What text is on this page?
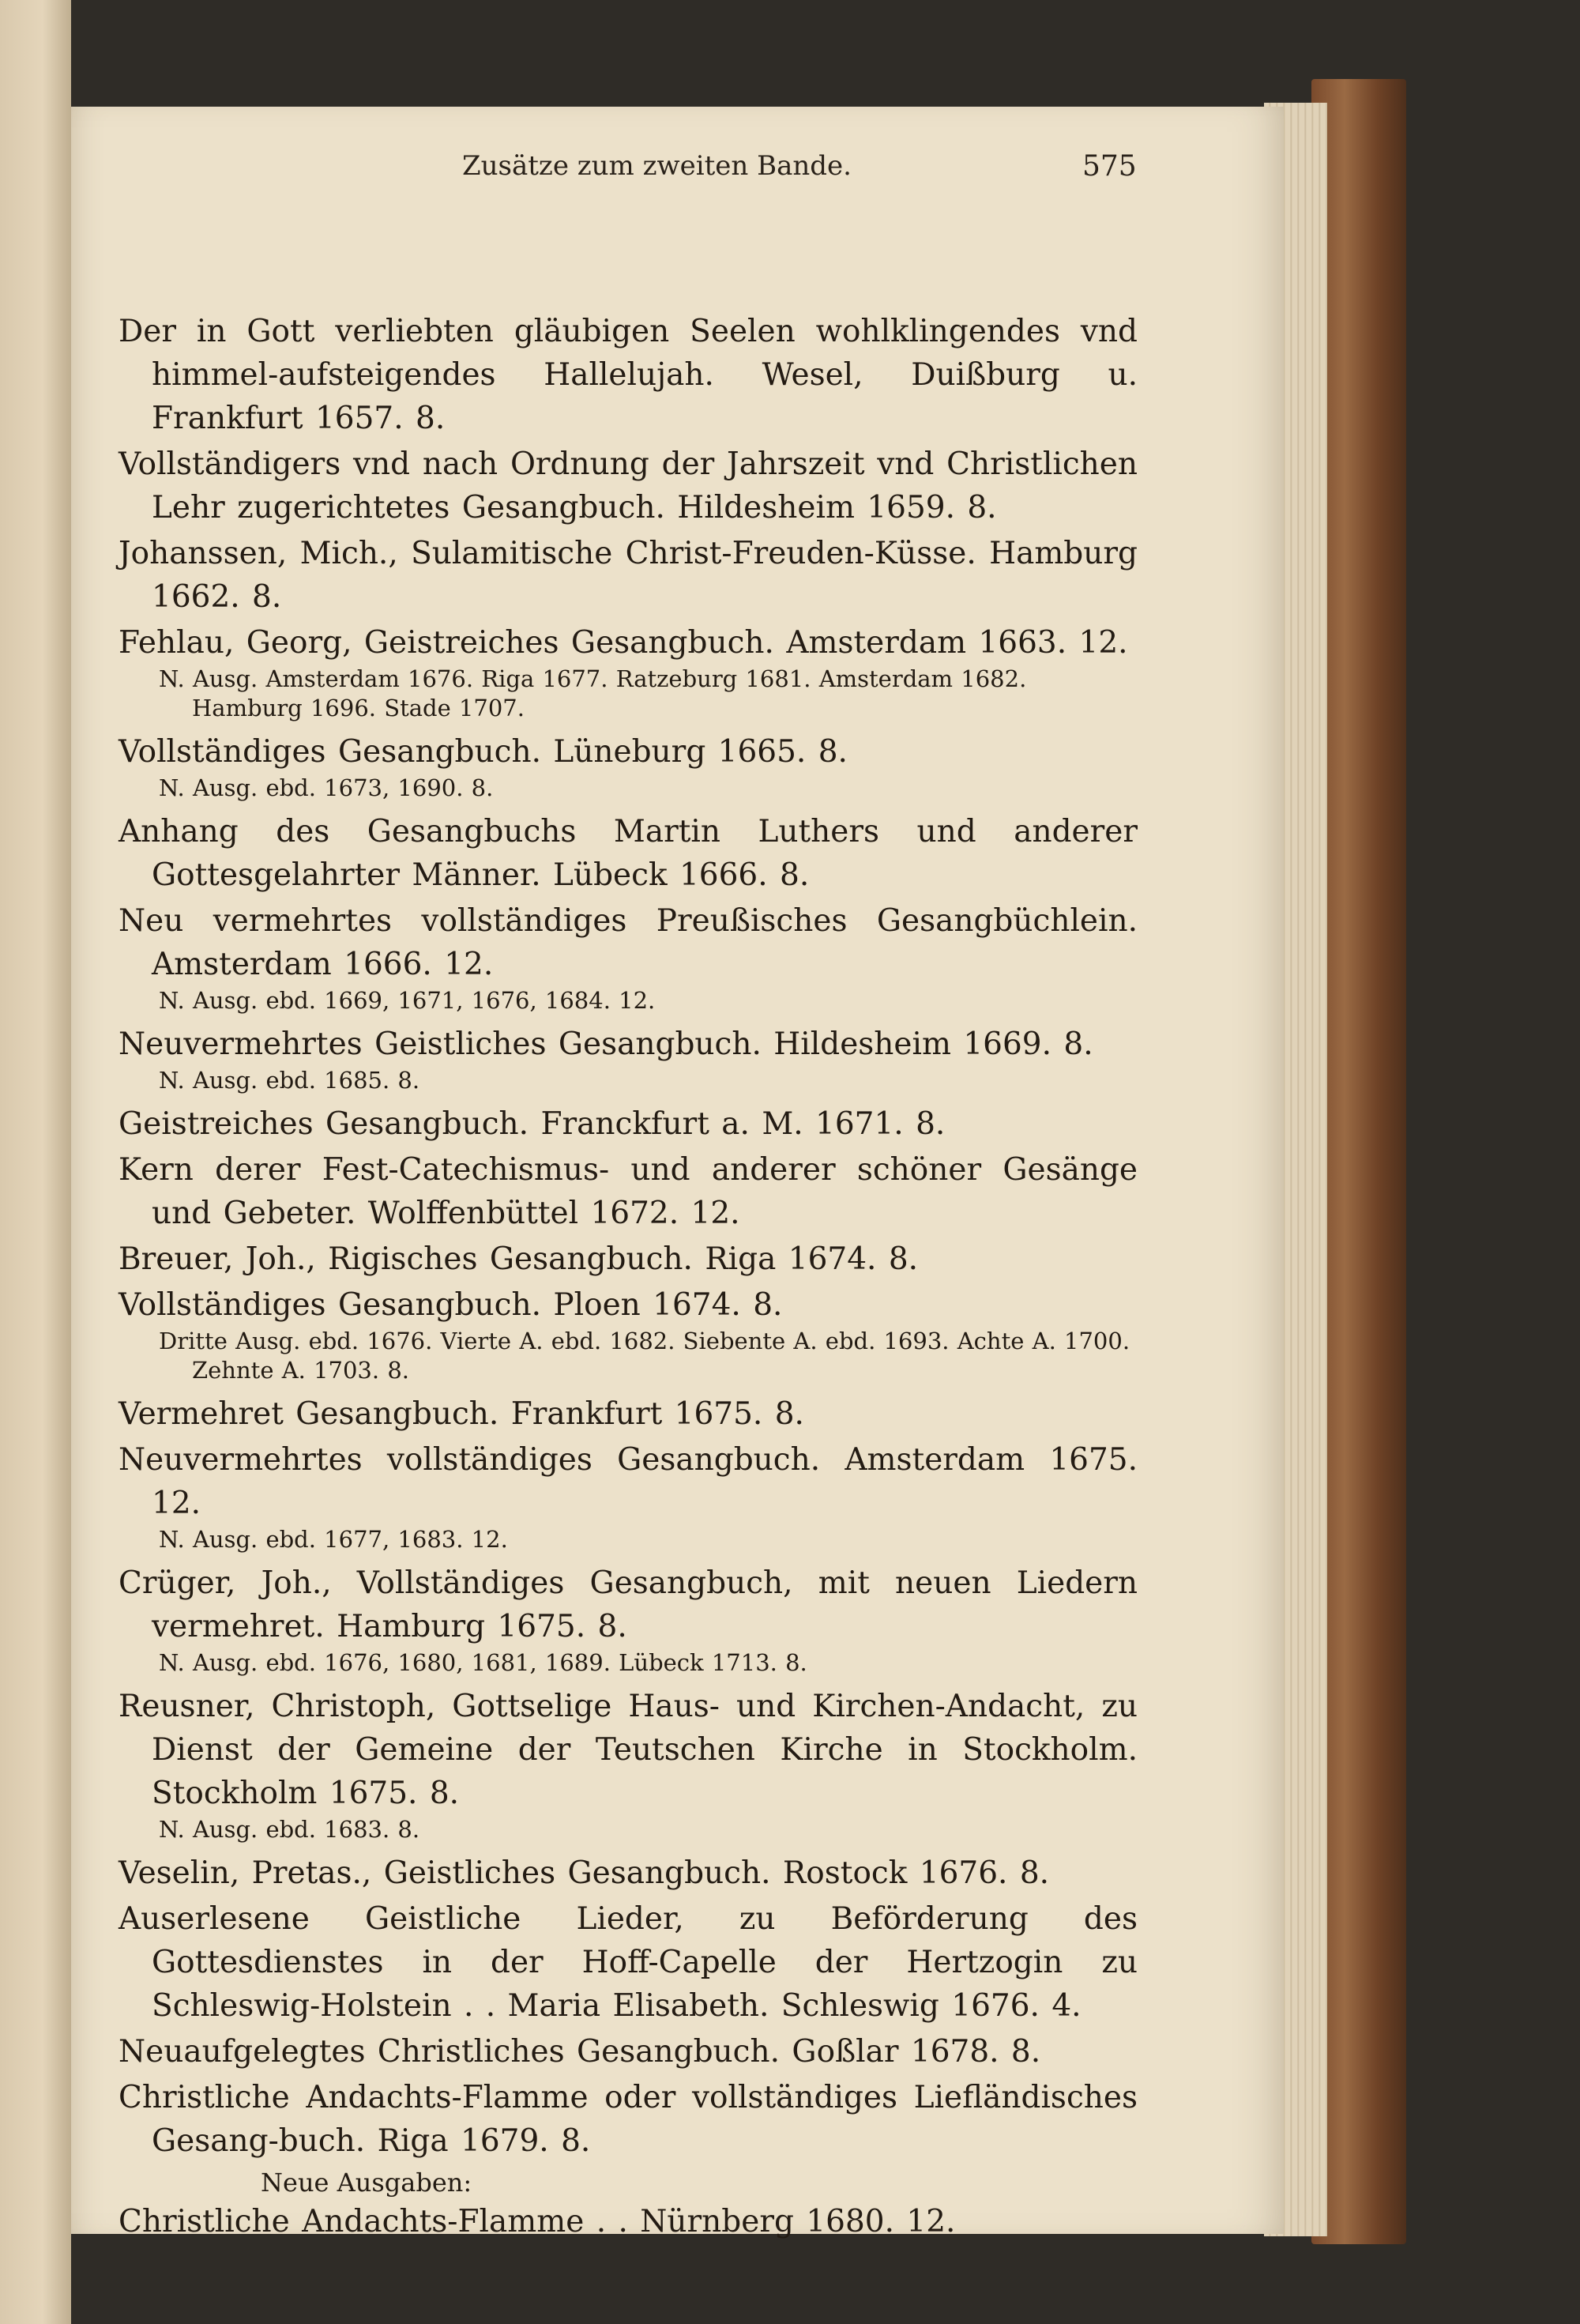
Zusätze zum zweiten Bande.	575

Der in Gott verliebten gläubigen Seelen wohlklingendes vnd himmel-aufsteigendes Hallelujah. Wesel, Duißburg u. Frankfurt 1657. 8.

Vollständigers vnd nach Ordnung der Jahrszeit vnd Christlichen Lehr zugerichtetes Gesangbuch. Hildesheim 1659. 8.

Johanssen, Mich., Sulamitische Christ-Freuden-Küsse. Hamburg 1662. 8.

Fehlau, Georg, Geistreiches Gesangbuch. Amsterdam 1663. 12.

N. Ausg. Amsterdam 1676. Riga 1677. Ratzeburg 1681. Amsterdam 1682. Hamburg 1696. Stade 1707.

Vollständiges Gesangbuch. Lüneburg 1665. 8.

N. Ausg. ebd. 1673, 1690. 8.

Anhang des Gesangbuchs Martin Luthers und anderer Gottesgelahrter Männer. Lübeck 1666. 8.

Neu vermehrtes vollständiges Preußisches Gesangbüchlein. Amsterdam 1666. 12.

N. Ausg. ebd. 1669, 1671, 1676, 1684. 12.

Neuvermehrtes Geistliches Gesangbuch. Hildesheim 1669. 8.

N. Ausg. ebd. 1685. 8.

Geistreiches Gesangbuch. Franckfurt a. M. 1671. 8.

Kern derer Fest-Catechismus- und anderer schöner Gesänge und Gebeter. Wolffenbüttel 1672. 12.

Breuer, Joh., Rigisches Gesangbuch. Riga 1674. 8.

Vollständiges Gesangbuch. Ploen 1674. 8.

Dritte Ausg. ebd. 1676. Vierte A. ebd. 1682. Siebente A. ebd. 1693. Achte A. 1700. Zehnte A. 1703. 8.

Vermehret Gesangbuch. Frankfurt 1675. 8.

Neuvermehrtes vollständiges Gesangbuch. Amsterdam 1675. 12.

N. Ausg. ebd. 1677, 1683. 12.

Crüger, Joh., Vollständiges Gesangbuch, mit neuen Liedern vermehret. Hamburg 1675. 8.

N. Ausg. ebd. 1676, 1680, 1681, 1689. Lübeck 1713. 8.

Reusner, Christoph, Gottselige Haus- und Kirchen-Andacht, zu Dienst der Gemeine der Teutschen Kirche in Stockholm. Stockholm 1675. 8.

N. Ausg. ebd. 1683. 8.

Veselin, Pretas., Geistliches Gesangbuch. Rostock 1676. 8.

Auserlesene Geistliche Lieder, zu Beförderung des Gottesdienstes in der Hoff-Capelle der Hertzogin zu Schleswig-Holstein . . Maria Elisabeth. Schleswig 1676. 4.

Neuaufgelegtes Christliches Gesangbuch. Goßlar 1678. 8.

Christliche Andachts-Flamme oder vollständiges Liefländisches Gesang-buch. Riga 1679. 8.

Neue Ausgaben:

Christliche Andachts-Flamme . . Nürnberg 1680. 12.
